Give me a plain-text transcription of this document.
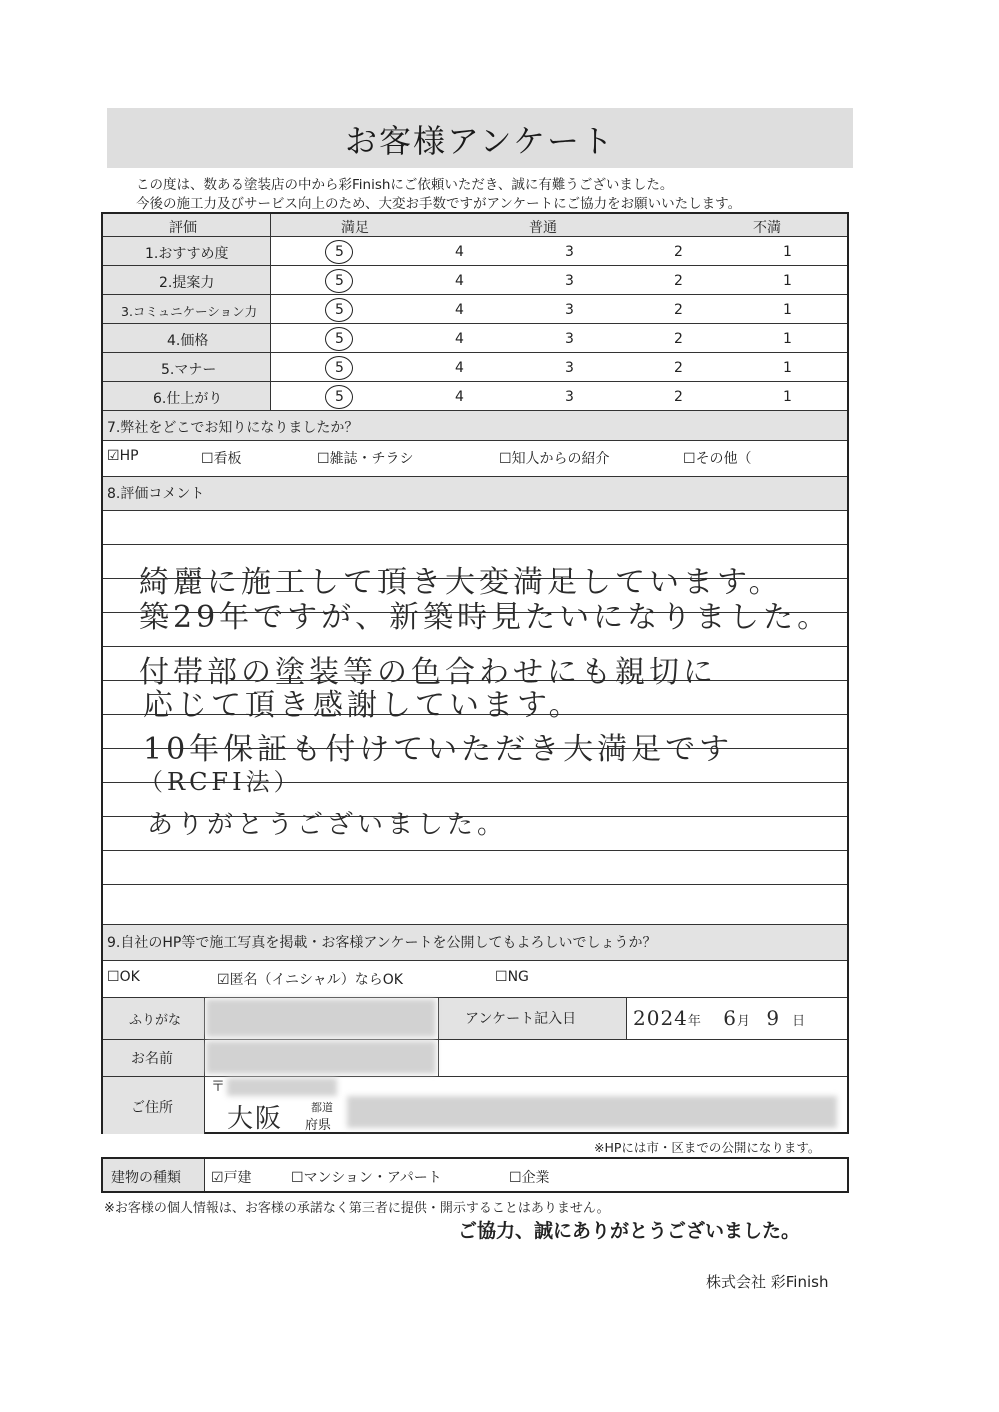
お客様アンケート
この度は、数ある塗装店の中から彩Finishにご依頼いただき、誠に有難うございました。
今後の施工力及びサービス向上のため、大変お手数ですがアンケートにご協力をお願いいたします。
評価	満足	普通	不満
1.おすすめ度	5	4	3	2	1
2.提案力	5	4	3	2	1
3.コミュニケーション力	5	4	3	2	1
4.価格	5	4	3	2	1
5.マナー	5	4	3	2	1
6.仕上がり	5	4	3	2	1
7.弊社をどこでお知りになりましたか？
☑HP	☐看板	☐雑誌・チラシ	☐知人からの紹介	☐その他（
8.評価コメント
綺麗に施工して頂き大変満足しています。
築29年ですが、新築時見たいになりました。
付帯部の塗装等の色合わせにも親切に
応じて頂き感謝しています。
10年保証も付けていただき大満足です
（RCFI法）
ありがとうございました。
9.自社のHP等で施工写真を掲載・お客様アンケートを公開してもよろしいでしょうか？
☐OK	☑匿名（イニシャル）ならOK	☐NG
ふりがな	アンケート記入日	2024年 6月 9 日
お名前
ご住所
〒
大阪	都道
府県
※HPには市・区までの公開になります。
建物の種類 ☑戸建	☐マンション・アパート	☐企業
※お客様の個人情報は、お客様の承諾なく第三者に提供・開示することはありません。
ご協力、誠にありがとうございました。
株式会社 彩Finish
